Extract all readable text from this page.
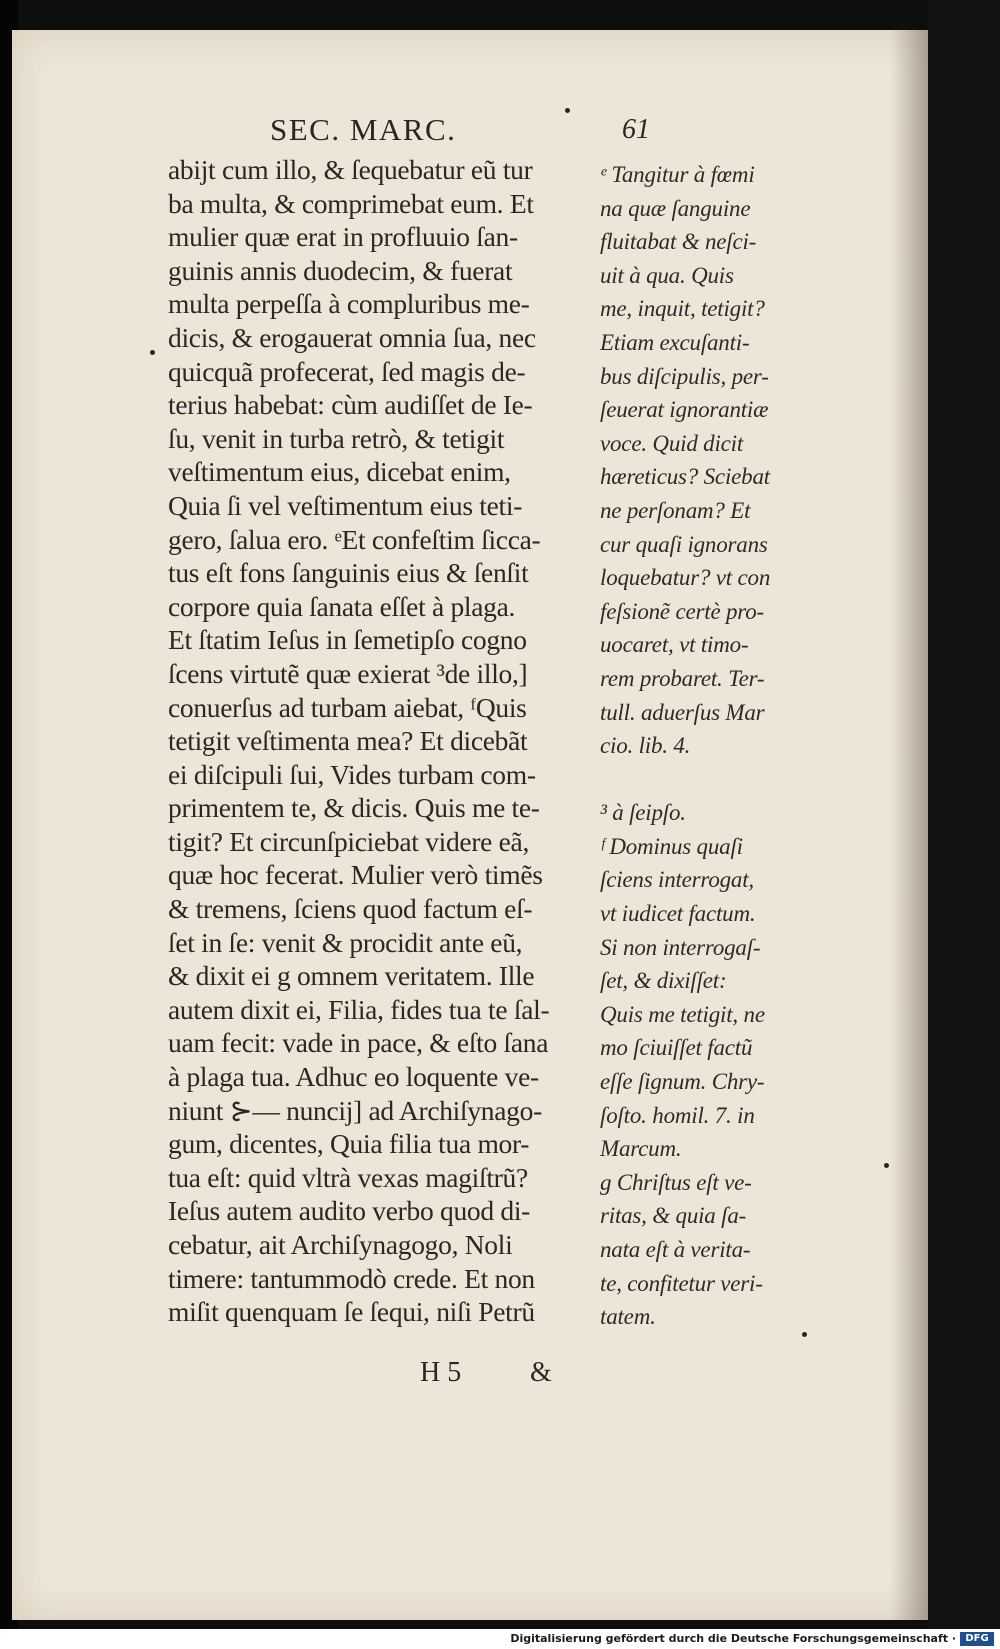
SEC. MARC.	61
abijt cum illo, & ſequebatur eũ tur
ba multa, & comprimebat eum. Et
mulier quæ erat in profluuio ſan-
guinis annis duodecim, & fuerat
multa perpeſſa à compluribus me-
dicis, & erogauerat omnia ſua, nec
quicquã profecerat, ſed magis de-
terius habebat: cùm audiſſet de Ie-
ſu, venit in turba retrò, & tetigit
veſtimentum eius, dicebat enim,
Quia ſi vel veſtimentum eius teti-
gero, ſalua ero. ᵉEt confeſtim ſicca-
tus eſt fons ſanguinis eius & ſenſit
corpore quia ſanata eſſet à plaga.
Et ſtatim Ieſus in ſemetipſo cogno
ſcens virtutẽ quæ exierat ³de illo,]
conuerſus ad turbam aiebat, ᶠQuis
tetigit veſtimenta mea? Et dicebãt
ei diſcipuli ſui, Vides turbam com-
primentem te, & dicis. Quis me te-
tigit? Et circunſpiciebat videre eã,
quæ hoc fecerat. Mulier verò timẽs
& tremens, ſciens quod factum eſ-
ſet in ſe: venit & procidit ante eũ,
& dixit ei g omnem veritatem. Ille
autem dixit ei, Filia, fides tua te ſal-
uam fecit: vade in pace, & eſto ſana
à plaga tua. Adhuc eo loquente ve-
niunt ⊱— nuncij] ad Archiſynago-
gum, dicentes, Quia filia tua mor-
tua eſt: quid vltrà vexas magiſtrũ?
Ieſus autem audito verbo quod di-
cebatur, ait Archiſynagogo, Noli
timere: tantummodò crede. Et non
miſit quenquam ſe ſequi, niſi Petrũ
ᵉ Tangitur à fœmi
na quæ ſanguine
fluitabat & neſci-
uit à qua. Quis
me, inquit, tetigit?
Etiam excuſanti-
bus diſcipulis, per-
ſeuerat ignorantiæ
voce. Quid dicit
hæreticus? Sciebat
ne perſonam? Et
cur quaſi ignorans
loquebatur? vt con
feſsionẽ certè pro-
uocaret, vt timo-
rem probaret. Ter-
tull. aduerſus Mar
cio. lib. 4.
³ à ſeipſo.
ᶠ Dominus quaſi
ſciens interrogat,
vt iudicet factum.
Si non interrogaſ-
ſet, & dixiſſet:
Quis me tetigit, ne
mo ſciuiſſet factũ
eſſe ſignum. Chry-
ſoſto. homil. 7. in
Marcum.
g Chriſtus eſt ve-
ritas, & quia ſa-
nata eſt à verita-
te, confitetur veri-
tatem.
H 5 &
Digitalisierung gefördert durch die Deutsche Forschungsgemeinschaft · DFG
